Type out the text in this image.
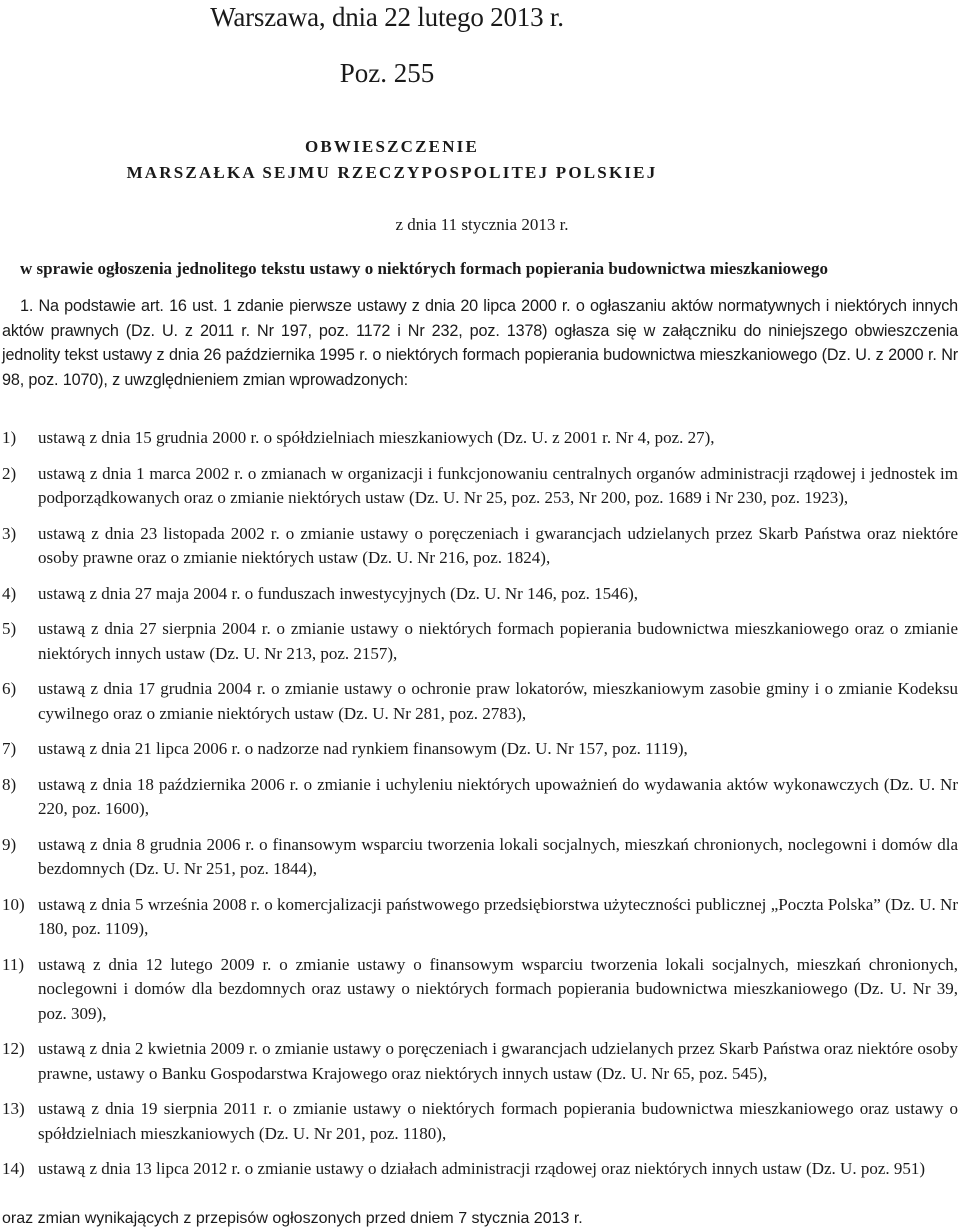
Warszawa, dnia 22 lutego 2013 r.
Poz. 255
OBWIESZCZENIE
MARSZAŁKA SEJMU RZECZYPOSPOLITEJ POLSKIEJ
z dnia 11 stycznia 2013 r.
w sprawie ogłoszenia jednolitego tekstu ustawy o niektórych formach popierania budownictwa mieszkaniowego
1. Na podstawie art. 16 ust. 1 zdanie pierwsze ustawy z dnia 20 lipca 2000 r. o ogłaszaniu aktów normatywnych i niektórych innych aktów prawnych (Dz. U. z 2011 r. Nr 197, poz. 1172 i Nr 232, poz. 1378) ogłasza się w załączniku do niniejszego obwieszczenia jednolity tekst ustawy z dnia 26 października 1995 r. o niektórych formach popierania budownictwa mieszkaniowego (Dz. U. z 2000 r. Nr 98, poz. 1070), z uwzględnieniem zmian wprowadzonych:
1)	ustawą z dnia 15 grudnia 2000 r. o spółdzielniach mieszkaniowych (Dz. U. z 2001 r. Nr 4, poz. 27),
2)	ustawą z dnia 1 marca 2002 r. o zmianach w organizacji i funkcjonowaniu centralnych organów administracji rządowej i jednostek im podporządkowanych oraz o zmianie niektórych ustaw (Dz. U. Nr 25, poz. 253, Nr 200, poz. 1689 i Nr 230, poz. 1923),
3)	ustawą z dnia 23 listopada 2002 r. o zmianie ustawy o poręczeniach i gwarancjach udzielanych przez Skarb Państwa oraz niektóre osoby prawne oraz o zmianie niektórych ustaw (Dz. U. Nr 216, poz. 1824),
4)	ustawą z dnia 27 maja 2004 r. o funduszach inwestycyjnych (Dz. U. Nr 146, poz. 1546),
5)	ustawą z dnia 27 sierpnia 2004 r. o zmianie ustawy o niektórych formach popierania budownictwa mieszkaniowego oraz o zmianie niektórych innych ustaw (Dz. U. Nr 213, poz. 2157),
6)	ustawą z dnia 17 grudnia 2004 r. o zmianie ustawy o ochronie praw lokatorów, mieszkaniowym zasobie gminy i o zmianie Kodeksu cywilnego oraz o zmianie niektórych ustaw (Dz. U. Nr 281, poz. 2783),
7)	ustawą z dnia 21 lipca 2006 r. o nadzorze nad rynkiem finansowym (Dz. U. Nr 157, poz. 1119),
8)	ustawą z dnia 18 października 2006 r. o zmianie i uchyleniu niektórych upoważnień do wydawania aktów wykonawczych (Dz. U. Nr 220, poz. 1600),
9)	ustawą z dnia 8 grudnia 2006 r. o finansowym wsparciu tworzenia lokali socjalnych, mieszkań chronionych, noclegowni i domów dla bezdomnych (Dz. U. Nr 251, poz. 1844),
10) ustawą z dnia 5 września 2008 r. o komercjalizacji państwowego przedsiębiorstwa użyteczności publicznej „Poczta Polska” (Dz. U. Nr 180, poz. 1109),
11) ustawą z dnia 12 lutego 2009 r. o zmianie ustawy o finansowym wsparciu tworzenia lokali socjalnych, mieszkań chronionych, noclegowni i domów dla bezdomnych oraz ustawy o niektórych formach popierania budownictwa mieszkaniowego (Dz. U. Nr 39, poz. 309),
12) ustawą z dnia 2 kwietnia 2009 r. o zmianie ustawy o poręczeniach i gwarancjach udzielanych przez Skarb Państwa oraz niektóre osoby prawne, ustawy o Banku Gospodarstwa Krajowego oraz niektórych innych ustaw (Dz. U. Nr 65, poz. 545),
13) ustawą z dnia 19 sierpnia 2011 r. o zmianie ustawy o niektórych formach popierania budownictwa mieszkaniowego oraz ustawy o spółdzielniach mieszkaniowych (Dz. U. Nr 201, poz. 1180),
14) ustawą z dnia 13 lipca 2012 r. o zmianie ustawy o działach administracji rządowej oraz niektórych innych ustaw (Dz. U. poz. 951)
oraz zmian wynikających z przepisów ogłoszonych przed dniem 7 stycznia 2013 r.
